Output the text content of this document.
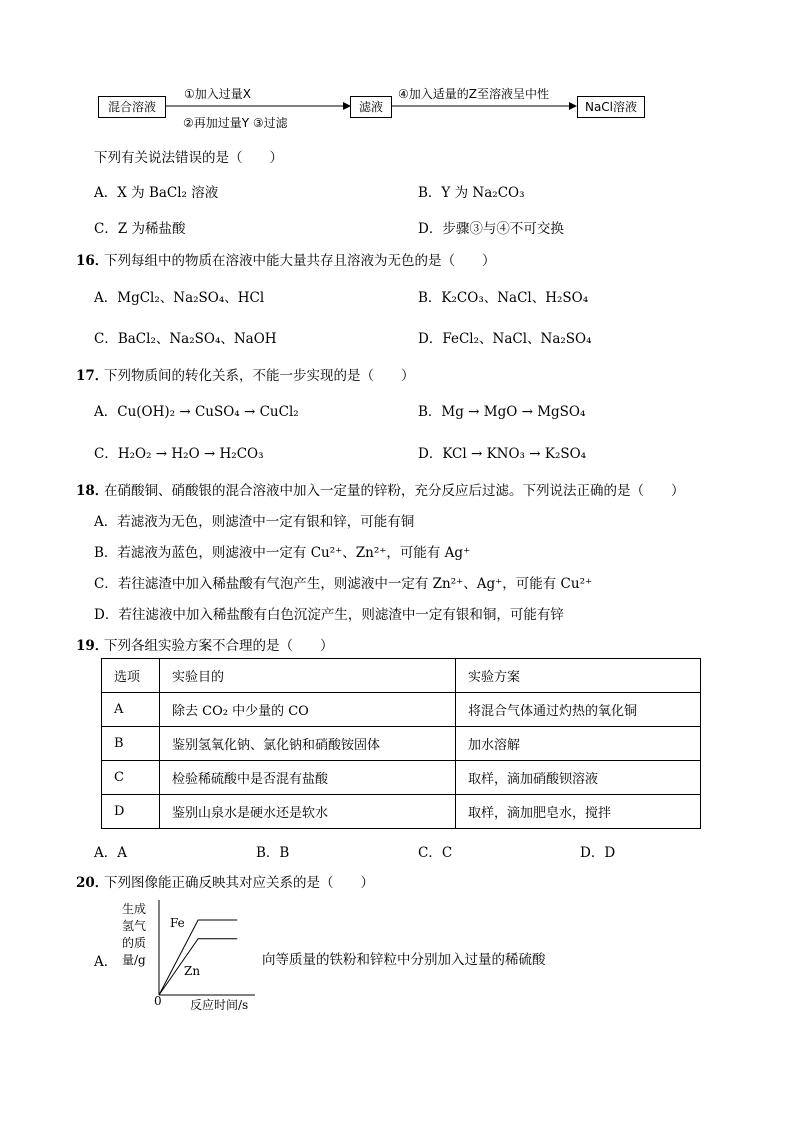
混合溶液
①加入过量X
②再加过量Y ③过滤
滤液
④加入适量的Z至溶液呈中性
NaCl溶液
下列有关说法错误的是（　　）
A．X 为 BaCl₂ 溶液	B．Y 为 Na₂CO₃
C．Z 为稀盐酸	D．步骤③与④不可交换
16．
下列每组中的物质在溶液中能大量共存且溶液为无色的是（　　）
A．MgCl₂、Na₂SO₄、HCl	B．K₂CO₃、NaCl、H₂SO₄
C．BaCl₂、Na₂SO₄、NaOH	D．FeCl₂、NaCl、Na₂SO₄
17．
下列物质间的转化关系，不能一步实现的是（　　）
A．Cu(OH)₂ → CuSO₄ → CuCl₂	B．Mg → MgO → MgSO₄
C．H₂O₂ → H₂O → H₂CO₃	D．KCl → KNO₃ → K₂SO₄
18．
在硝酸铜、硝酸银的混合溶液中加入一定量的锌粉，充分反应后过滤。下列说法正确的是（　　）
A．若滤液为无色，则滤渣中一定有银和锌，可能有铜
B．若滤液为蓝色，则滤液中一定有 Cu²⁺、Zn²⁺，可能有 Ag⁺
C．若往滤渣中加入稀盐酸有气泡产生，则滤液中一定有 Zn²⁺、Ag⁺，可能有 Cu²⁺
D．若往滤液中加入稀盐酸有白色沉淀产生，则滤渣中一定有银和铜，可能有锌
19．
下列各组实验方案不合理的是（　　）
选项	实验目的	实验方案
A	除去 CO₂ 中少量的 CO	将混合气体通过灼热的氧化铜
B	鉴别氢氧化钠、氯化钠和硝酸铵固体	加水溶解
C	检验稀硫酸中是否混有盐酸	取样，滴加硝酸钡溶液
D	鉴别山泉水是硬水还是软水	取样，滴加肥皂水，搅拌
A．A	B．B	C．C	D．D
20．
下列图像能正确反映其对应关系的是（　　）
A．
生成
氢气
的质
量/g
0 反应时间/s
Fe
Zn
向等质量的铁粉和锌粒中分别加入过量的稀硫酸
